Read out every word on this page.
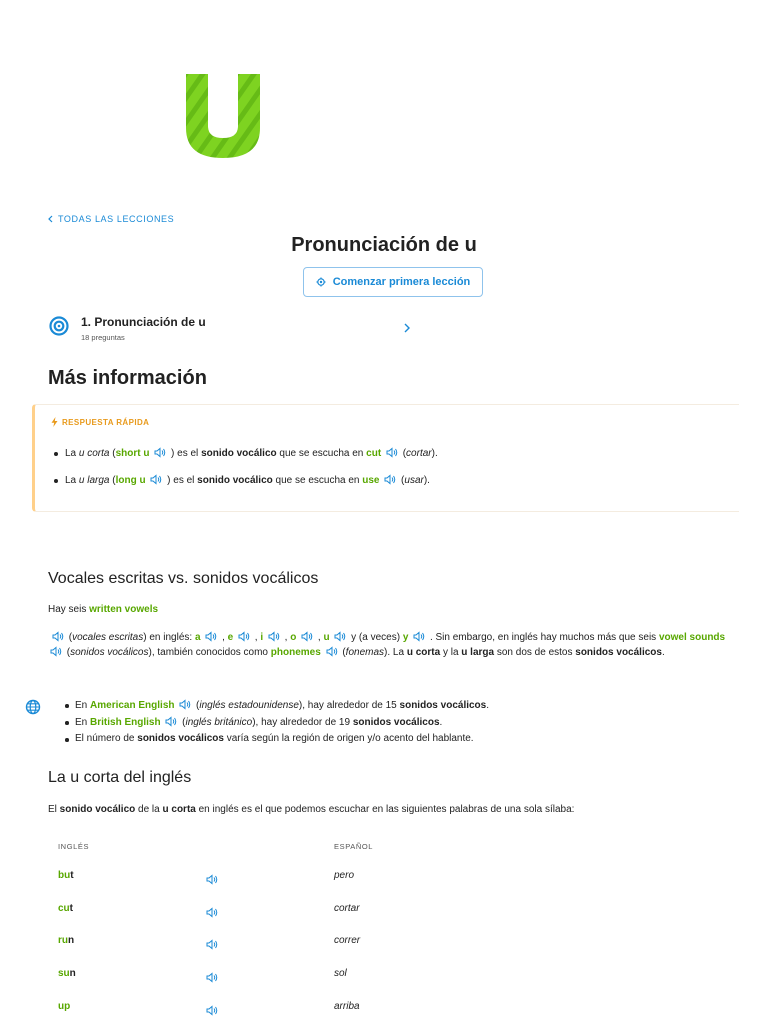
TODAS LAS LECCIONES
Pronunciación de u
Comenzar primera lección
1. Pronunciación de u
18 preguntas
Más información
RESPUESTA RÁPIDA
La u corta (short u
) es el sonido vocálico que se escucha en cut
(cortar).
La u larga (long u
) es el sonido vocálico que se escucha en use
(usar).
Vocales escritas vs. sonidos vocálicos
Hay seis written vowels
(vocales escritas) en inglés: a
, e
, i
, o
, u
y (a veces) y
. Sin embargo, en inglés hay muchos más que seis vowel sounds
(sonidos vocálicos), también conocidos como phonemes
(fonemas). La u corta y la u larga son dos de estos sonidos vocálicos.
En American English
(inglés estadounidense), hay alrededor de 15 sonidos vocálicos.
En British English
(inglés británico), hay alrededor de 19 sonidos vocálicos.
El número de sonidos vocálicos varía según la región de origen y/o acento del hablante.
La u corta del inglés
El sonido vocálico de la u corta en inglés es el que podemos escuchar en las siguientes palabras de una sola sílaba:
INGLÉS	ESPAÑOL
but	pero
cut	cortar
run	correr
sun	sol
up	arriba
